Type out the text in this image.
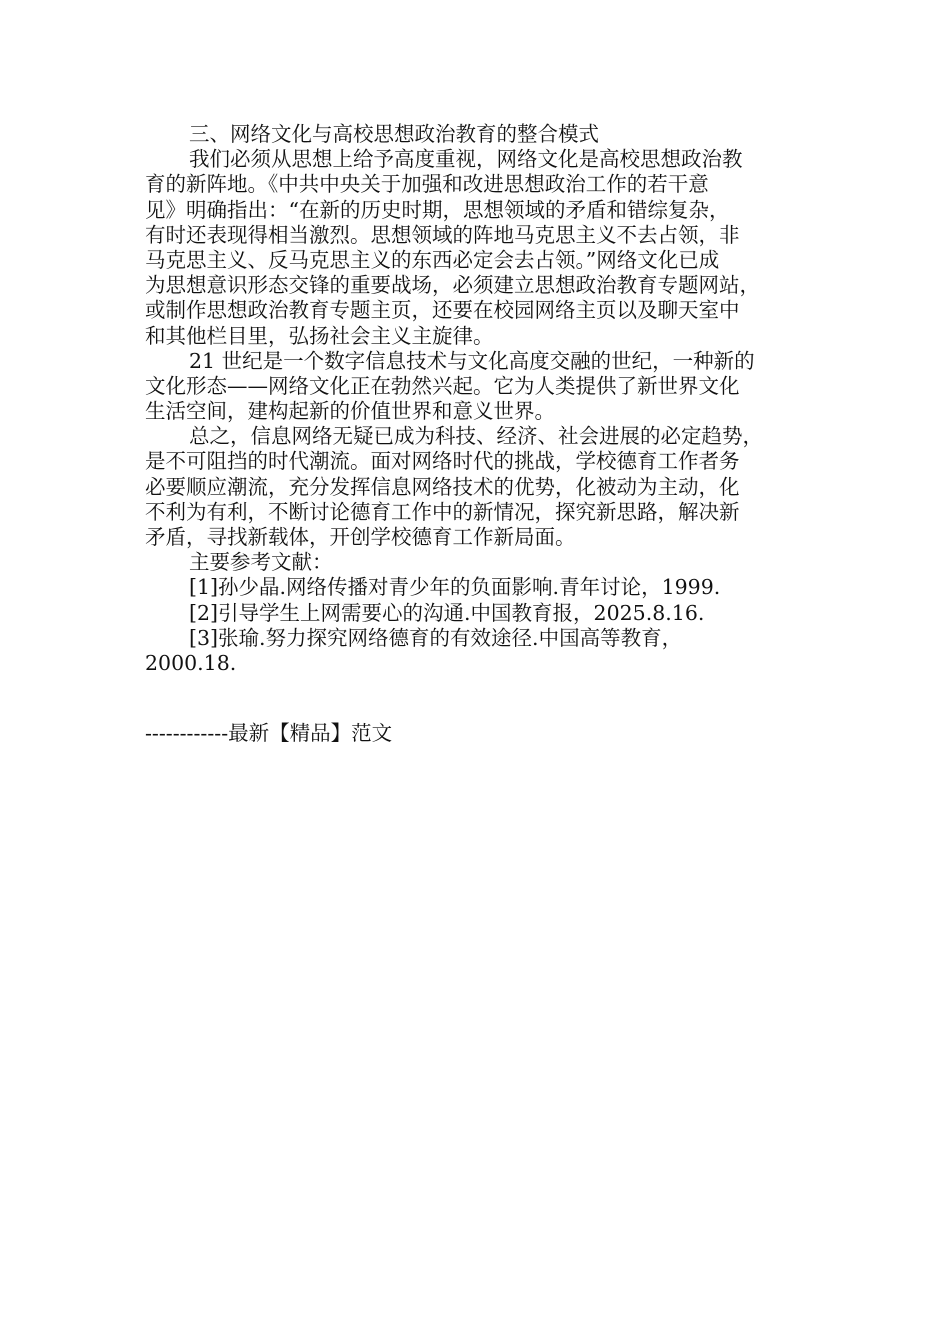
三、网络文化与高校思想政治教育的整合模式
我们必须从思想上给予高度重视，网络文化是高校思想政治教
育的新阵地。《中共中央关于加强和改进思想政治工作的若干意
见》明确指出：“在新的历史时期，思想领域的矛盾和错综复杂，
有时还表现得相当激烈。思想领域的阵地马克思主义不去占领，非
马克思主义、反马克思主义的东西必定会去占领。”网络文化已成
为思想意识形态交锋的重要战场，必须建立思想政治教育专题网站，
或制作思想政治教育专题主页，还要在校园网络主页以及聊天室中
和其他栏目里，弘扬社会主义主旋律。
21 世纪是一个数字信息技术与文化高度交融的世纪，一种新的
文化形态——网络文化正在勃然兴起。它为人类提供了新世界文化
生活空间，建构起新的价值世界和意义世界。
总之，信息网络无疑已成为科技、经济、社会进展的必定趋势，
是不可阻挡的时代潮流。面对网络时代的挑战，学校德育工作者务
必要顺应潮流，充分发挥信息网络技术的优势，化被动为主动，化
不利为有利，不断讨论德育工作中的新情况，探究新思路，解决新
矛盾，寻找新载体，开创学校德育工作新局面。
主要参考文献：
[1]孙少晶.网络传播对青少年的负面影响.青年讨论，1999.
[2]引导学生上网需要心的沟通.中国教育报，2025.8.16.
[3]张瑜.努力探究网络德育的有效途径.中国高等教育，
2000.18.
------------最新【精品】范文
